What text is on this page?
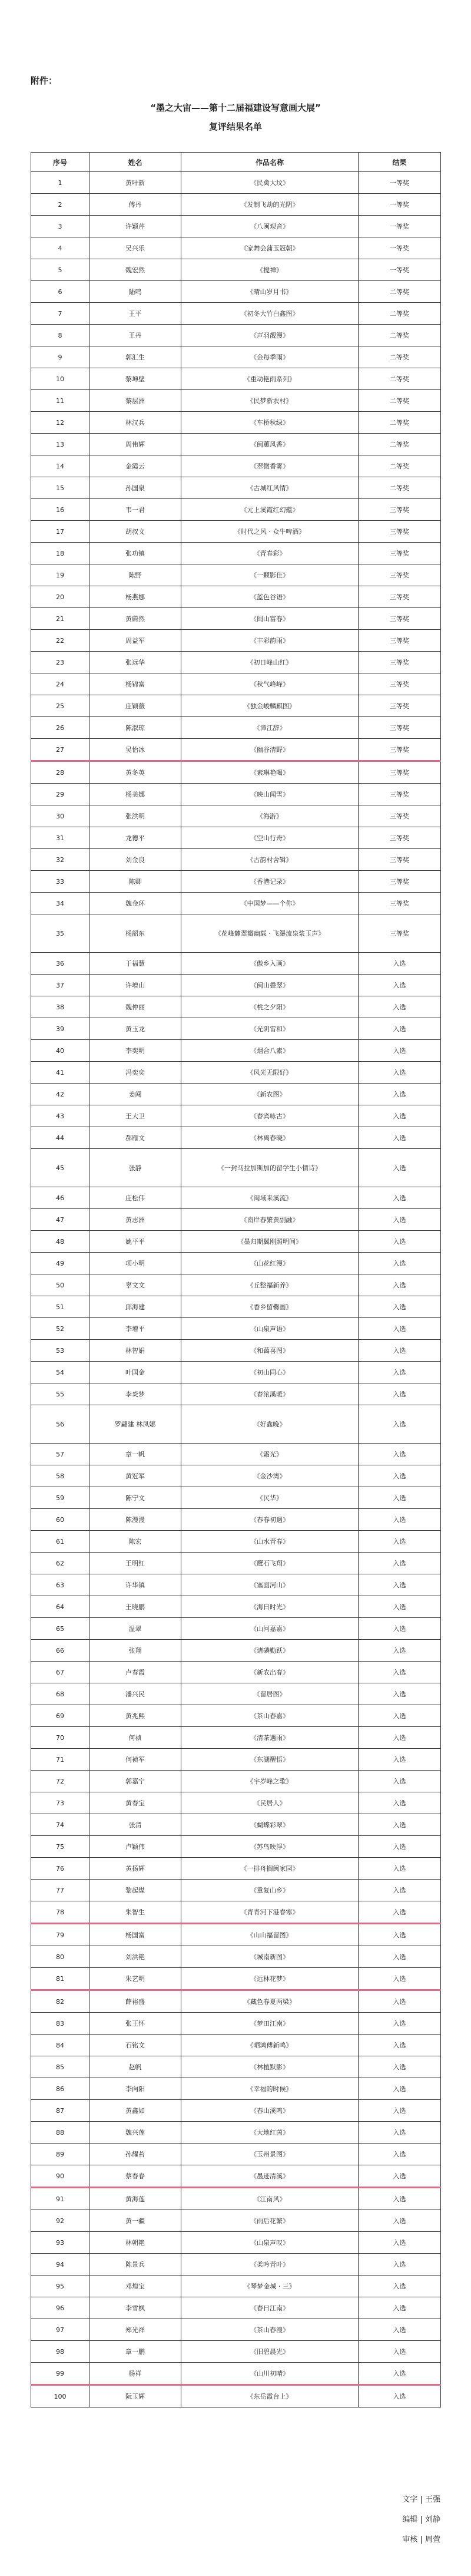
附件：
“墨之大宙——第十二届福建设写意画大展”
复评结果名单
序号	姓名	作品名称	结果
1	黄叶新	《民禽大坟》	一等奖
2	傅丹	《发制飞劫的光阴》	一等奖
3	许颖芹	《八闽观音》	一等奖
4	吴兴乐	《家舞会蒲玉冠朝》	一等奖
5	魏宏然	《搅禅》	一等奖
6	陆鸣	《晴山岁月书》	二等奖
7	王平	《初冬大竹白鑫图》	二等奖
8	王丹	《声羽靓漫》	二等奖
9	郭汇生	《金每季雨》	二等奖
10	黎坤壁	《重动艳雨系列》	二等奖
11	黎层洲	《民梦新农村》	二等奖
12	林汉兵	《车桥秋绿》	二等奖
13	周伟辉	《闽蕙风香》	二等奖
14	金霞云	《翠微香雾》	二等奖
15	孙国泉	《古城红风情》	二等奖
16	韦一君	《元上溪霞红幻蕴》	三等奖
17	胡叔文	《时代之风 · 众牛啤酒》	三等奖
18	张功镇	《青春彩》	三等奖
19	陈野	《一颗影佳》	三等奖
20	杨燕娜	《蓝色谷语》	三等奖
21	黄蔚然	《闽山富春》	三等奖
22	周益军	《丰彩韵雨》	三等奖
23	张远华	《初日峰山红》	三等奖
24	杨锦富	《秋气峰峰》	三等奖
25	庄颖薇	《独金峻麟麒图》	三等奖
26	陈淑琼	《漳江辞》	三等奖
27	吴怡冰	《幽谷清野》	三等奖
28	黄冬英	《素琳艳喝》	三等奖
29	杨美娜	《映山闻雪》	三等奖
30	张洪明	《海游》	三等奖
31	龙德平	《空山行舟》	三等奖
32	刘金良	《古韵村舍辑》	三等奖
33	陈卿	《香港记录》	三等奖
34	魏金环	《中国梦——个你》	三等奖
35	杨韶东	《花峰麓翠瓣幽载 · 飞瀑流泉浆玉声》	三等奖
36	于福慧	《傲乡入画》	入选
37	许增山	《闽山叠翠》	入选
38	魏仲丽	《桃之夕阳》	入选
39	黄玉龙	《光阴雷和》	入选
40	李奕明	《烟合八素》	入选
41	冯奕奕	《风光无限好》	入选
42	姜闯	《新农图》	入选
43	王大卫	《春宾咏古》	入选
44	郝雁文	《林离春晓》	入选
45	张静	《一封马拉加斯加的留学生小情诗》	入选
46	庄松伟	《闽域来溪流》	入选
47	黄志洲	《南岸春繁黄副融》	入选
48	姚平平	《墨归期翼刚照明间》	入选
49	项小明	《山花红漫》	入选
50	辜文文	《丘整福新养》	入选
51	邱海建	《香乡留爨画》	入选
52	李增平	《山泉声语》	入选
53	林智娟	《和蔼喜图》	入选
54	叶国金	《初山同心》	入选
55	李炎梦	《春浓溪暖》	入选
56	罗翩建 林凤娜	《好鑫晚》	入选
57	章一帆	《霜光》	入选
58	黄冠军	《金沙湾》	入选
59	陈宁文	《民华》	入选
60	陈漫漫	《春春初遇》	入选
61	陈宏	《山水青春》	入选
62	王明红	《鹰石飞翔》	入选
63	许华镇	《塞面河山》	入选
64	王晓鹏	《海日时光》	入选
65	温翠	《山河嘉嘉》	入选
66	张翔	《诸磷勤跃》	入选
67	卢春霞	《新农出春》	入选
68	潘兴民	《留居图》	入选
69	黄兆熙	《茶山春嘉》	入选
70	何祯	《清茶遇雨》	入选
71	何祯军	《东湖醒悟》	入选
72	郭嘉宁	《宇岁峰之歌》	入选
73	黄春宝	《民居人》	入选
74	张清	《蝴蝶彩翠》	入选
75	卢颖伟	《苏鸟映浮》	入选
76	黄扬辉	《一排舟搁闽家园》	入选
77	黎起煤	《重复山乡》	入选
78	朱智生	《青青河下港春寒》	入选
79	杨国富	《山山福留图》	入选
80	刘洪艳	《城南新图》	入选
81	朱艺明	《远林花梦》	入选
82	薛裕盛	《藏色春夏两梁》	入选
83	张王怀	《梦田江南》	入选
84	石铭文	《晒鸿傅新鸣》	入选
85	赵帆	《林植默影》	入选
86	李向阳	《幸福的时候》	入选
87	黄鑫如	《春山溪鸣》	入选
88	魏兴莲	《大地红茵》	入选
89	孙耀苔	《玉州景图》	入选
90	蔡春春	《墨迹清溪》	入选
91	黄海莲	《江南风》	入选
92	黄一疆	《雨后花繁》	入选
93	林朝艳	《山泉声叹》	入选
94	陈景兵	《柔吟青叶》	入选
95	邓煌宝	《琴梦金城 · 三》	入选
96	李雪枫	《春日江南》	入选
97	郑光祥	《茶山春漫》	入选
98	章一鹏	《旧碧晨光》	入选
99	杨祥	《山川初晴》	入选
100	阮玉辉	《东岳霞台上》	入选
文字 | 王强
编辑 | 刘静
审核 | 周萱
